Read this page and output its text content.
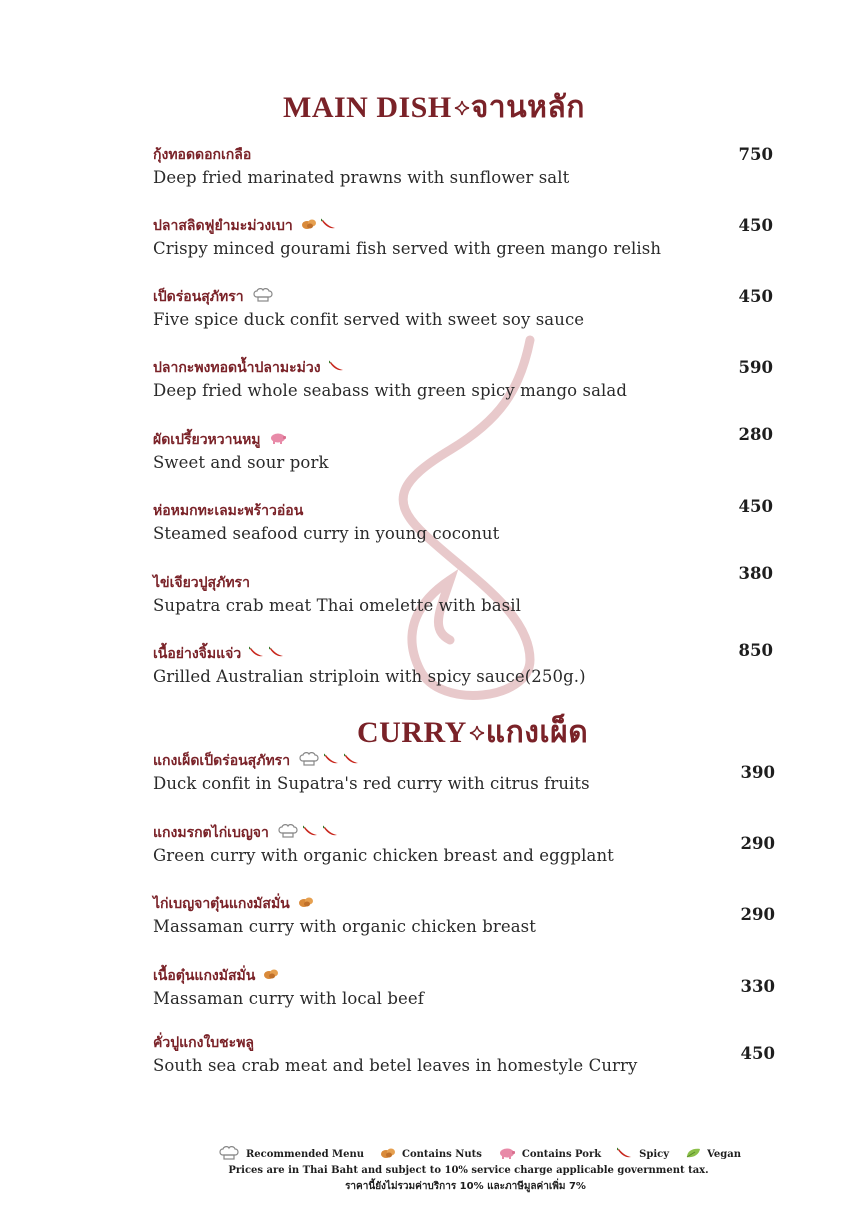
MAIN DISH จานหลัก
กุ้งทอดดอกเกลือ
Deep fried marinated prawns with sunflower salt
750
ปลาสลิดฟูยำมะม่วงเบา
Crispy minced gourami fish served with green mango relish
450
เป็ดร่อนสุภัทรา
Five spice duck confit served with sweet soy sauce
450
ปลากะพงทอดน้ำปลามะม่วง
Deep fried whole seabass with green spicy mango salad
590
ผัดเปรี้ยวหวานหมู
Sweet and sour pork
280
ห่อหมกทะเลมะพร้าวอ่อน
Steamed seafood curry in young coconut
450
ไข่เจียวปูสุภัทรา
Supatra crab meat Thai omelette with basil
380
เนื้อย่างจิ้มแจ่ว
Grilled Australian striploin with spicy sauce(250g.)
850
CURRY แกงเผ็ด
แกงเผ็ดเป็ดร่อนสุภัทรา
Duck confit in Supatra's red curry with citrus fruits
390
แกงมรกตไก่เบญจา
Green curry with organic chicken breast and eggplant
290
ไก่เบญจาตุ๋นแกงมัสมั่น
Massaman curry with organic chicken breast
290
เนื้อตุ๋นแกงมัสมั่น
Massaman curry with local beef
330
คั่วปูแกงใบชะพลู
South sea crab meat and betel leaves in homestyle Curry
450
Recommended Menu	Contains Nuts	Contains Pork	Spicy	Vegan
Prices are in Thai Baht and subject to 10% service charge applicable government tax.
ราคานี้ยังไม่รวมค่าบริการ 10% และภาษีมูลค่าเพิ่ม 7%
